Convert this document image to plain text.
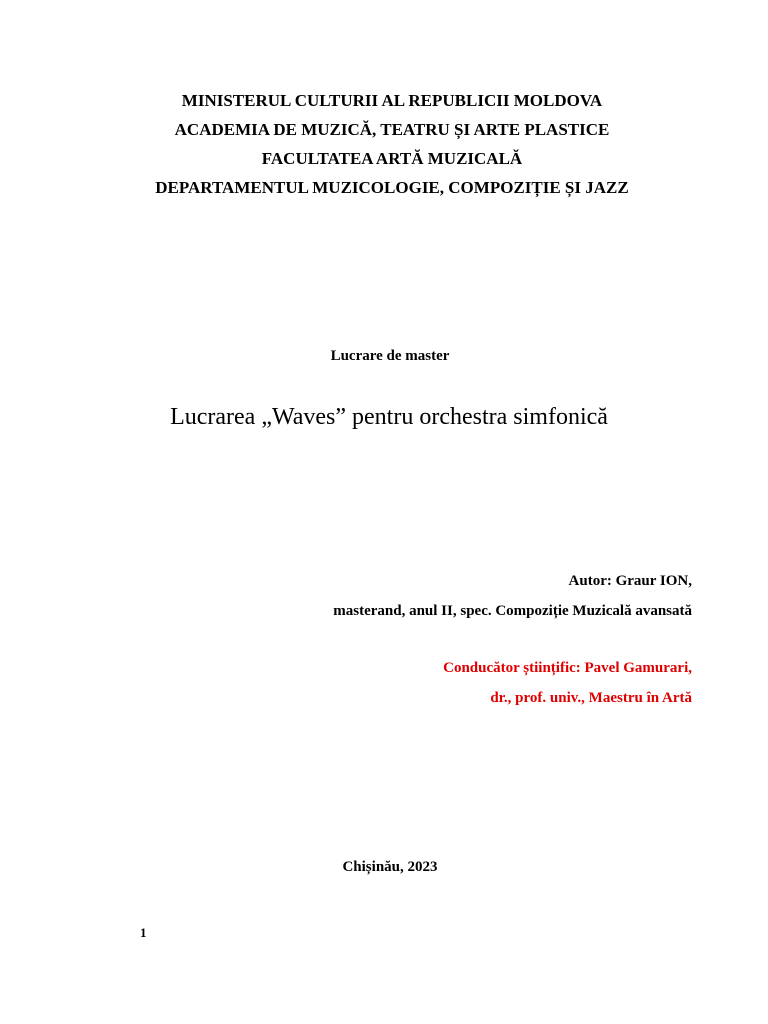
MINISTERUL CULTURII AL REPUBLICII MOLDOVA
ACADEMIA DE MUZICĂ, TEATRU ȘI ARTE PLASTICE
FACULTATEA ARTĂ MUZICALĂ
DEPARTAMENTUL MUZICOLOGIE, COMPOZIȚIE ȘI JAZZ
Lucrare de master
Lucrarea „Waves” pentru orchestra simfonică
Autor: Graur ION,
masterand, anul II, spec. Compoziție Muzicală avansată
Conducător științific: Pavel Gamurari,
dr., prof. univ., Maestru în Artă
Chișinău, 2023
1
